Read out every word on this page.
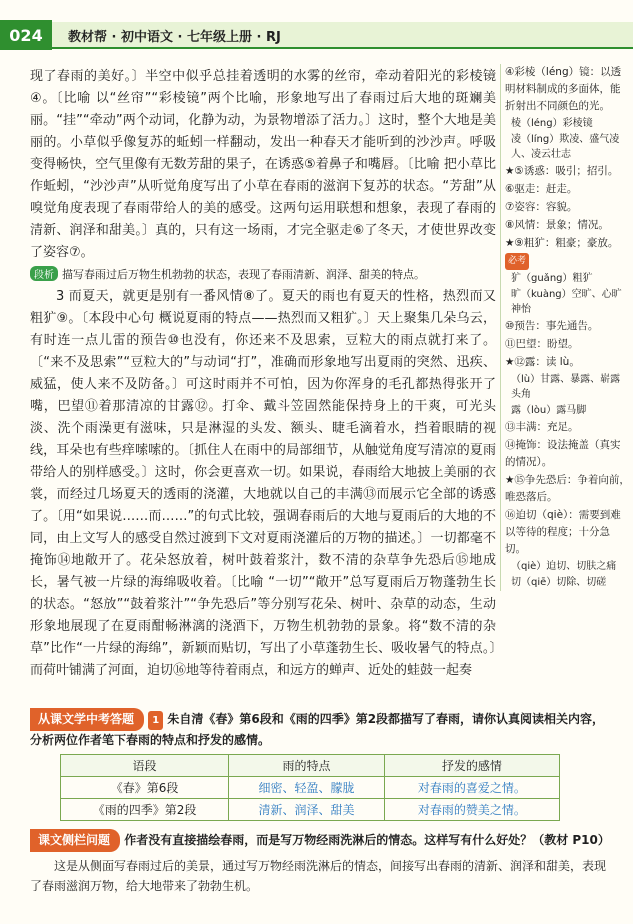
024	教材帮 · 初中语文 · 七年级上册 · RJ

现了春雨的美好。〕半空中似乎总挂着透明的水雾的丝帘，牵动着阳光的彩棱镜④。〔比喻 以“丝帘”“彩棱镜”两个比喻，形象地写出了春雨过后大地的斑斓美丽。“挂”“牵动”两个动词，化静为动，为景物增添了活力。〕这时，整个大地是美丽的。小草似乎像复苏的蚯蚓一样翻动，发出一种春天才能听到的沙沙声。呼吸变得畅快，空气里像有无数芳甜的果子，在诱惑⑤着鼻子和嘴唇。〔比喻 把小草比作蚯蚓，“沙沙声”从听觉角度写出了小草在春雨的滋润下复苏的状态。“芳甜”从嗅觉角度表现了春雨带给人的美的感受。这两句运用联想和想象，表现了春雨的清新、润泽和甜美。〕真的，只有这一场雨，才完全驱走⑥了冬天，才使世界改变了姿容⑦。

段析 描写春雨过后万物生机勃勃的状态，表现了春雨清新、润泽、甜美的特点。

3 而夏天，就更是别有一番风情⑧了。夏天的雨也有夏天的性格，热烈而又粗犷⑨。〔本段中心句 概说夏雨的特点——热烈而又粗犷。〕天上聚集几朵乌云，有时连一点儿雷的预告⑩也没有，你还来不及思索，豆粒大的雨点就打来了。〔“来不及思索”“豆粒大的”与动词“打”，准确而形象地写出夏雨的突然、迅疾、威猛，使人来不及防备。〕可这时雨并不可怕，因为你浑身的毛孔都热得张开了嘴，巴望⑪着那清凉的甘露⑫。打伞、戴斗笠固然能保持身上的干爽，可光头淡、洗个雨澡更有滋味，只是淋湿的头发、额头、睫毛滴着水，挡着眼睛的视线，耳朵也有些痒嗦嗦的。〔抓住人在雨中的局部细节，从触觉角度写清凉的夏雨带给人的别样感受。〕这时，你会更喜欢一切。如果说，春雨给大地披上美丽的衣裳，而经过几场夏天的透雨的浇灌，大地就以自己的丰满⑬而展示它全部的诱惑了。〔用“如果说……而……”的句式比较，强调春雨后的大地与夏雨后的大地的不同，由上文写人的感受自然过渡到下文对夏雨浇灌后的万物的描述。〕一切都毫不掩饰⑭地敞开了。花朵怒放着，树叶鼓着浆汁，数不清的杂草争先恐后⑮地成长，暑气被一片绿的海绵吸收着。〔比喻 “一切”“敞开”总写夏雨后万物蓬勃生长的状态。“怒放”“鼓着浆汁”“争先恐后”等分别写花朵、树叶、杂草的动态，生动形象地展现了在夏雨酣畅淋漓的浇酒下，万物生机勃勃的景象。将“数不清的杂草”比作“一片绿的海绵”，新颖而贴切，写出了小草蓬勃生长、吸收暑气的特点。〕而荷叶铺满了河面，迫切⑯地等待着雨点，和远方的蝉声、近处的蛙鼓一起奏

④彩棱（léng）镜：以透明材料制成的多面体，能折射出不同颜色的光。
棱（léng）彩棱镜
凌（líng）欺凌、盛气凌人、凌云壮志
★⑤诱惑：吸引；招引。
⑥驱走：赶走。
⑦姿容：容貌。
⑧风情：景象；情况。
★⑨粗犷：粗豪；豪放。 必考
犷（guǎng）粗犷
旷（kuàng）空旷、心旷神怡
⑩预告：事先通告。
⑪巴望：盼望。
★⑫露：读 lù。
（lù）甘露、暴露、崭露头角
露（lòu）露马脚
⑬丰满：充足。
⑭掩饰：设法掩盖（真实的情况）。
★⑮争先恐后：争着向前，唯恐落后。
⑯迫切（qiè）：需要到难以等待的程度；十分急切。
（qiè）迫切、切肤之痛
切（qiē）切除、切磋
从课文学中考答题 1 朱自清《春》第6段和《雨的四季》第2段都描写了春雨，请你认真阅读相关内容，分析两位作者笔下春雨的特点和抒发的感情。
语段	雨的特点	抒发的感情
《春》第6段	细密、轻盈、朦胧	对春雨的喜爱之情。
《雨的四季》第2段	清新、润泽、甜美	对春雨的赞美之情。
课文侧栏问题 作者没有直接描绘春雨，而是写万物经雨洗淋后的情态。这样写有什么好处？（教材 P10）

这是从侧面写春雨过后的美景，通过写万物经雨洗淋后的情态，间接写出春雨的清新、润泽和甜美，表现了春雨滋润万物，给大地带来了勃勃生机。
